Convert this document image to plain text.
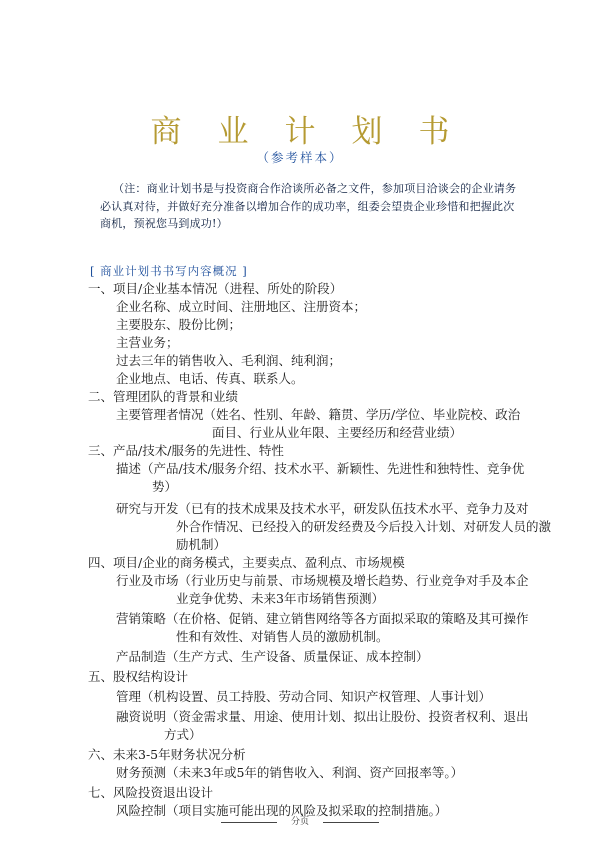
商业计划书
（参考样本）
（注：商业计划书是与投资商合作洽谈所必备之文件，参加项目洽谈会的企业请务必认真对待，并做好充分准备以增加合作的成功率，组委会望贵企业珍惜和把握此次商机，预祝您马到成功!）
[ 商业计划书书写内容概况 ]
一、项目/企业基本情况（进程、所处的阶段）
企业名称、成立时间、注册地区、注册资本；
主要股东、股份比例；
主营业务；
过去三年的销售收入、毛利润、纯利润；
企业地点、电话、传真、联系人。
二、管理团队的背景和业绩
主要管理者情况（姓名、性别、年龄、籍贯、学历/学位、毕业院校、政治
面目、行业从业年限、主要经历和经营业绩）
三、产品/技术/服务的先进性、特性
描述（产品/技术/服务介绍、技术水平、新颖性、先进性和独特性、竞争优
势）
研究与开发（已有的技术成果及技术水平，研发队伍技术水平、竞争力及对
外合作情况、已经投入的研发经费及今后投入计划、对研发人员的激
励机制）
四、项目/企业的商务模式，主要卖点、盈利点、市场规模
行业及市场（行业历史与前景、市场规模及增长趋势、行业竞争对手及本企
业竞争优势、未来3年市场销售预测）
营销策略（在价格、促销、建立销售网络等各方面拟采取的策略及其可操作
性和有效性、对销售人员的激励机制。
产品制造（生产方式、生产设备、质量保证、成本控制）
五、股权结构设计
管理（机构设置、员工持股、劳动合同、知识产权管理、人事计划）
融资说明（资金需求量、用途、使用计划、拟出让股份、投资者权利、退出
方式）
六、未来3-5年财务状况分析
财务预测（未来3年或5年的销售收入、利润、资产回报率等。）
七、风险投资退出设计
风险控制（项目实施可能出现的风险及拟采取的控制措施。）
分页
